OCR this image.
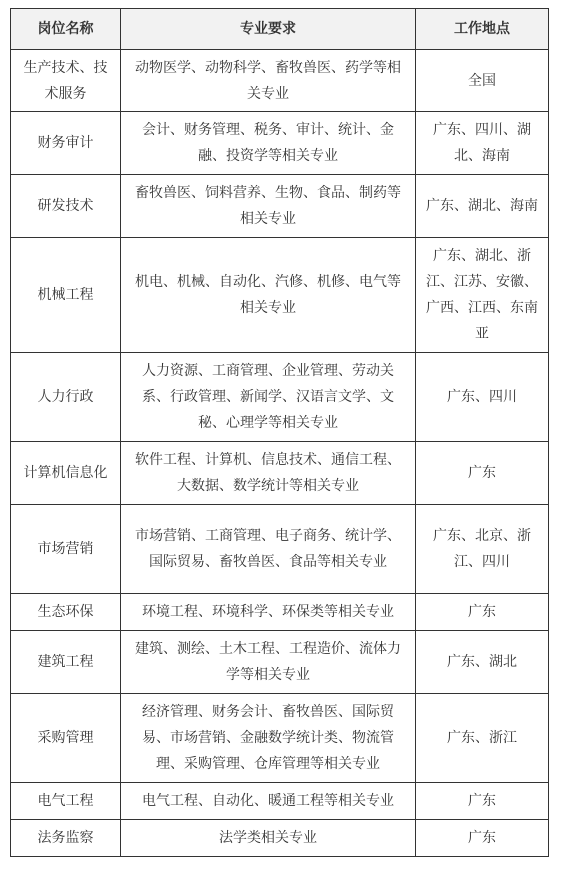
岗位名称	专业要求	工作地点
生产技术、技术服务	动物医学、动物科学、畜牧兽医、药学等相关专业	全国
财务审计	会计、财务管理、税务、审计、统计、金融、投资学等相关专业	广东、四川、湖北、海南
研发技术	畜牧兽医、饲料营养、生物、食品、制药等相关专业	广东、湖北、海南
机械工程	机电、机械、自动化、汽修、机修、电气等相关专业	广东、湖北、浙江、江苏、安徽、广西、江西、东南亚
人力行政	人力资源、工商管理、企业管理、劳动关系、行政管理、新闻学、汉语言文学、文秘、心理学等相关专业	广东、四川
计算机信息化	软件工程、计算机、信息技术、通信工程、大数据、数学统计等相关专业	广东
市场营销	市场营销、工商管理、电子商务、统计学、国际贸易、畜牧兽医、食品等相关专业	广东、北京、浙江、四川
生态环保	环境工程、环境科学、环保类等相关专业	广东
建筑工程	建筑、测绘、土木工程、工程造价、流体力学等相关专业	广东、湖北
采购管理	经济管理、财务会计、畜牧兽医、国际贸易、市场营销、金融数学统计类、物流管理、采购管理、仓库管理等相关专业	广东、浙江
电气工程	电气工程、自动化、暖通工程等相关专业	广东
法务监察	法学类相关专业	广东
